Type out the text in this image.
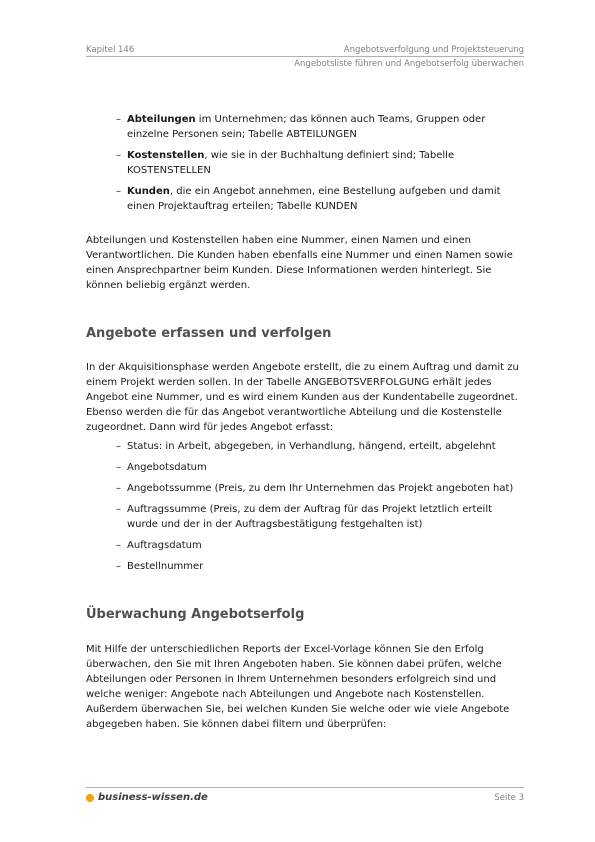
Kapitel 146	Angebotsverfolgung und Projektsteuerung
Angebotsliste führen und Angebotserfolg überwachen
– Abteilungen im Unternehmen; das können auch Teams, Gruppen oder einzelne Personen sein; Tabelle ABTEILUNGEN
– Kostenstellen, wie sie in der Buchhaltung definiert sind; Tabelle KOSTENSTELLEN
– Kunden, die ein Angebot annehmen, eine Bestellung aufgeben und damit einen Projektauftrag erteilen; Tabelle KUNDEN

Abteilungen und Kostenstellen haben eine Nummer, einen Namen und einen Verantwortlichen. Die Kunden haben ebenfalls eine Nummer und einen Namen sowie einen Ansprechpartner beim Kunden. Diese Informationen werden hinterlegt. Sie können beliebig ergänzt werden.

Angebote erfassen und verfolgen

In der Akquisitionsphase werden Angebote erstellt, die zu einem Auftrag und damit zu einem Projekt werden sollen. In der Tabelle ANGEBOTSVERFOLGUNG erhält jedes Angebot eine Nummer, und es wird einem Kunden aus der Kundentabelle zugeordnet. Ebenso werden die für das Angebot verantwortliche Abteilung und die Kostenstelle zugeordnet. Dann wird für jedes Angebot erfasst:

– Status: in Arbeit, abgegeben, in Verhandlung, hängend, erteilt, abgelehnt
– Angebotsdatum
– Angebotssumme (Preis, zu dem Ihr Unternehmen das Projekt angeboten hat)
– Auftragssumme (Preis, zu dem der Auftrag für das Projekt letztlich erteilt wurde und der in der Auftragsbestätigung festgehalten ist)
– Auftragsdatum
– Bestellnummer
Überwachung Angebotserfolg

Mit Hilfe der unterschiedlichen Reports der Excel-Vorlage können Sie den Erfolg überwachen, den Sie mit Ihren Angeboten haben. Sie können dabei prüfen, welche Abteilungen oder Personen in Ihrem Unternehmen besonders erfolgreich sind und welche weniger: Angebote nach Abteilungen und Angebote nach Kostenstellen. Außerdem überwachen Sie, bei welchen Kunden Sie welche oder wie viele Angebote abgegeben haben. Sie können dabei filtern und überprüfen:

business-wissen.de	Seite 3
